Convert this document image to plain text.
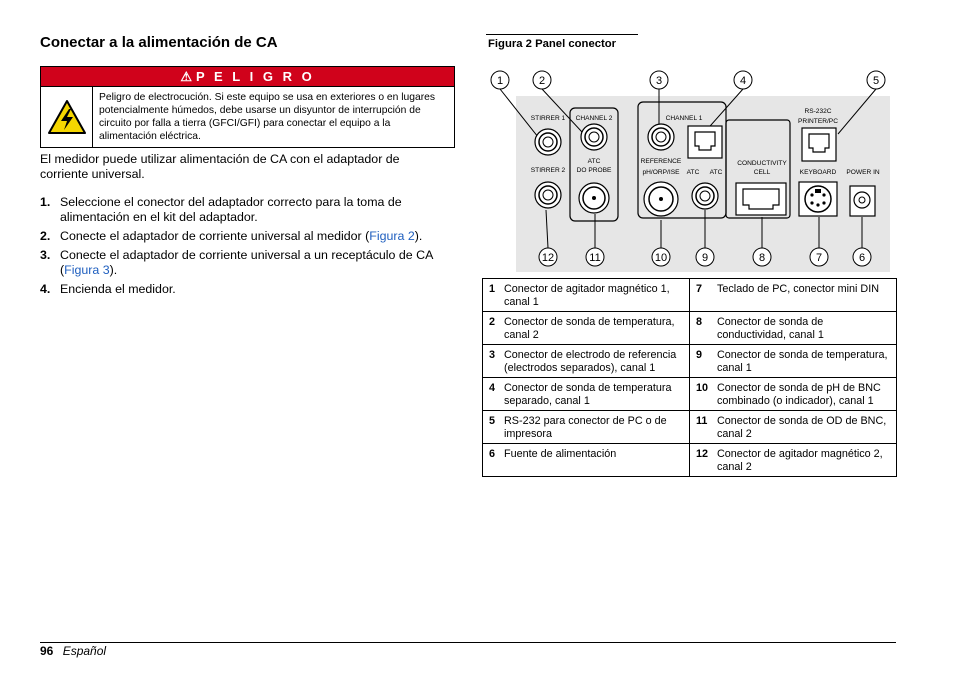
Conectar a la alimentación de CA
⚠ P E L I G R O
Peligro de electrocución. Si este equipo se usa en exteriores o en lugares potencialmente húmedos, debe usarse un disyuntor de interrupción de circuito por falla a tierra (GFCI/GFI) para conectar el equipo a la alimentación eléctrica.
El medidor puede utilizar alimentación de CA con el adaptador de corriente universal.
1. Seleccione el conector del adaptador correcto para la toma de alimentación en el kit del adaptador.
2. Conecte el adaptador de corriente universal al medidor (Figura 2).
3. Conecte el adaptador de corriente universal a un receptáculo de CA (Figura 3).
4. Encienda el medidor.
Figura 2 Panel conector
STIRRER 1
STIRRER 2
CHANNEL 2
ATC
DO PROBE
CHANNEL 1
REFERENCE
pH/ORP/ISE ATC ATC
CONDUCTIVITY
CELL
RS-232C
PRINTER/PC
KEYBOARD POWER IN
1	2	3	4	5
12	11	10	9	8	7	6
1 Conector de agitador magnético 1, canal 1	7 Teclado de PC, conector mini DIN

2 Conector de sonda de temperatura, canal 2	8 Conector de sonda de conductividad, canal 1

3 Conector de electrodo de referencia (electrodos separados), canal 1	9 Conector de sonda de temperatura, canal 1

4 Conector de sonda de temperatura separado, canal 1	10 Conector de sonda de pH de BNC combinado (o indicador), canal 1

5 RS-232 para conector de PC o de impresora	11 Conector de sonda de OD de BNC, canal 2

6 Fuente de alimentación	12 Conector de agitador magnético 2, canal 2
96 Español
